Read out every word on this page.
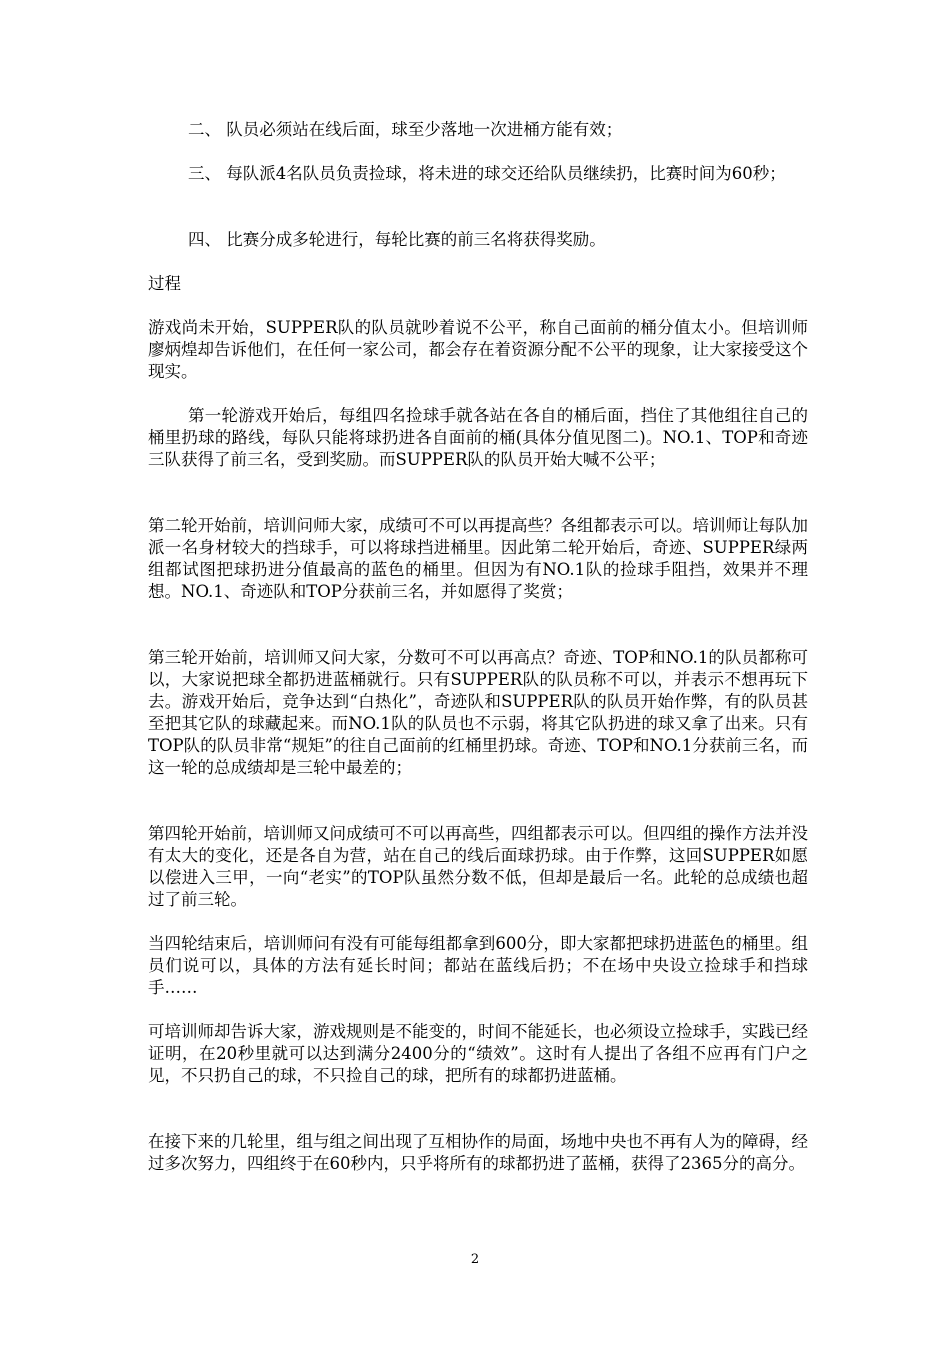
二、 队员必须站在线后面，球至少落地一次进桶方能有效；

三、 每队派4名队员负责捡球，将未进的球交还给队员继续扔，比赛时间为60秒；

四、 比赛分成多轮进行，每轮比赛的前三名将获得奖励。

过程

游戏尚未开始，SUPPER队的队员就吵着说不公平，称自己面前的桶分值太小。但培训师廖炳煌却告诉他们，在任何一家公司，都会存在着资源分配不公平的现象，让大家接受这个现实。

第一轮游戏开始后，每组四名捡球手就各站在各自的桶后面，挡住了其他组往自己的桶里扔球的路线，每队只能将球扔进各自面前的桶(具体分值见图二)。NO.1、TOP和奇迹三队获得了前三名，受到奖励。而SUPPER队的队员开始大喊不公平；

第二轮开始前，培训问师大家，成绩可不可以再提高些？各组都表示可以。培训师让每队加派一名身材较大的挡球手，可以将球挡进桶里。因此第二轮开始后，奇迹、SUPPER绿两组都试图把球扔进分值最高的蓝色的桶里。但因为有NO.1队的捡球手阻挡，效果并不理想。NO.1、奇迹队和TOP分获前三名，并如愿得了奖赏；

第三轮开始前，培训师又问大家，分数可不可以再高点？奇迹、TOP和NO.1的队员都称可以，大家说把球全都扔进蓝桶就行。只有SUPPER队的队员称不可以，并表示不想再玩下去。游戏开始后，竞争达到“白热化”，奇迹队和SUPPER队的队员开始作弊，有的队员甚至把其它队的球藏起来。而NO.1队的队员也不示弱，将其它队扔进的球又拿了出来。只有TOP队的队员非常“规矩”的往自己面前的红桶里扔球。奇迹、TOP和NO.1分获前三名，而这一轮的总成绩却是三轮中最差的；

第四轮开始前，培训师又问成绩可不可以再高些，四组都表示可以。但四组的操作方法并没有太大的变化，还是各自为营，站在自己的线后面球扔球。由于作弊，这回SUPPER如愿以偿进入三甲，一向“老实”的TOP队虽然分数不低，但却是最后一名。此轮的总成绩也超过了前三轮。

当四轮结束后，培训师问有没有可能每组都拿到600分，即大家都把球扔进蓝色的桶里。组员们说可以，具体的方法有延长时间；都站在蓝线后扔；不在场中央设立捡球手和挡球手……

可培训师却告诉大家，游戏规则是不能变的，时间不能延长，也必须设立捡球手，实践已经证明，在20秒里就可以达到满分2400分的“绩效”。这时有人提出了各组不应再有门户之见，不只扔自己的球，不只捡自己的球，把所有的球都扔进蓝桶。

在接下来的几轮里，组与组之间出现了互相协作的局面，场地中央也不再有人为的障碍，经过多次努力，四组终于在60秒内，只乎将所有的球都扔进了蓝桶，获得了2365分的高分。

2
